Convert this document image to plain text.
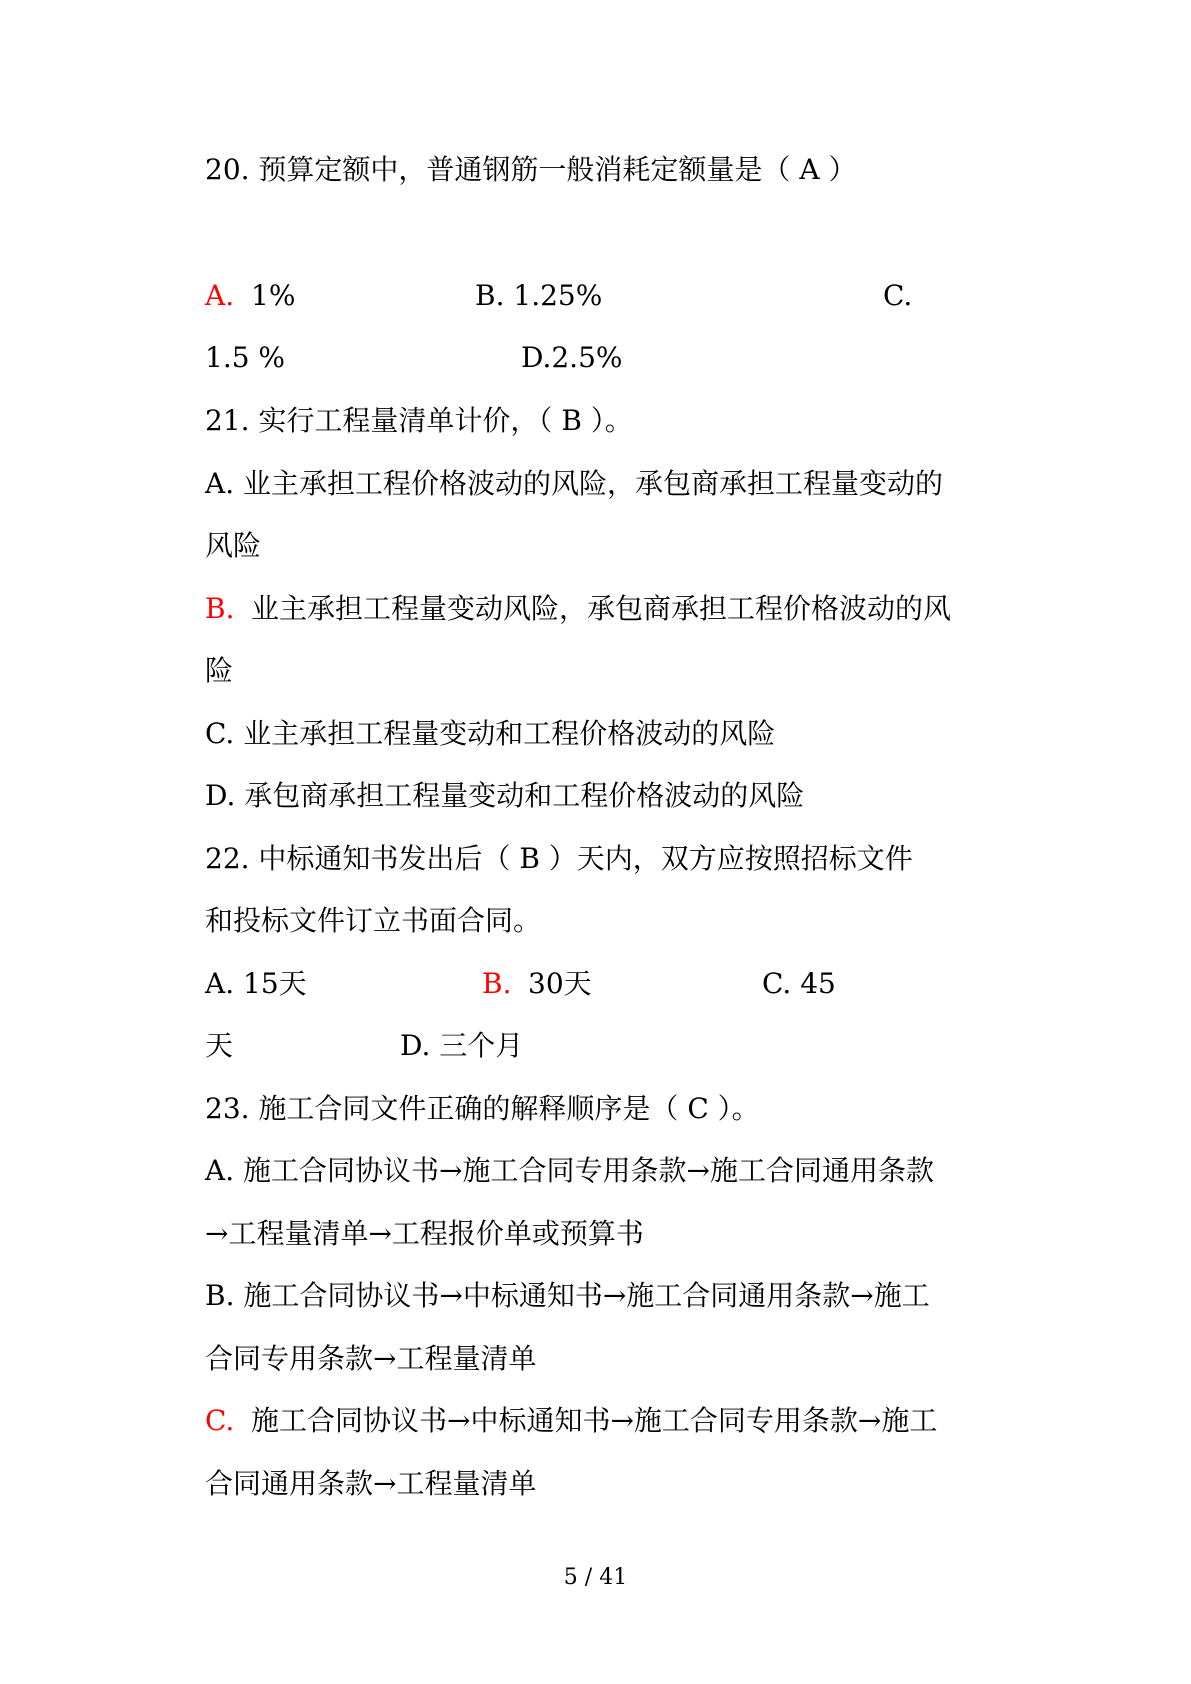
20. 预算定额中，普通钢筋一般消耗定额量是（ A ）
A. 1%	B. 1.25%	C.
1.5 %	D.2.5%
21. 实行工程量清单计价，（ B ）。
A. 业主承担工程价格波动的风险，承包商承担工程量变动的
风险
B. 业主承担工程量变动风险，承包商承担工程价格波动的风
险
C. 业主承担工程量变动和工程价格波动的风险
D. 承包商承担工程量变动和工程价格波动的风险
22. 中标通知书发出后（ B ）天内，双方应按照招标文件
和投标文件订立书面合同。
A. 15天	B. 30天	C. 45
天	D. 三个月
23. 施工合同文件正确的解释顺序是（ C ）。
A. 施工合同协议书→施工合同专用条款→施工合同通用条款
→工程量清单→工程报价单或预算书
B. 施工合同协议书→中标通知书→施工合同通用条款→施工
合同专用条款→工程量清单
C. 施工合同协议书→中标通知书→施工合同专用条款→施工
合同通用条款→工程量清单
5 / 41
